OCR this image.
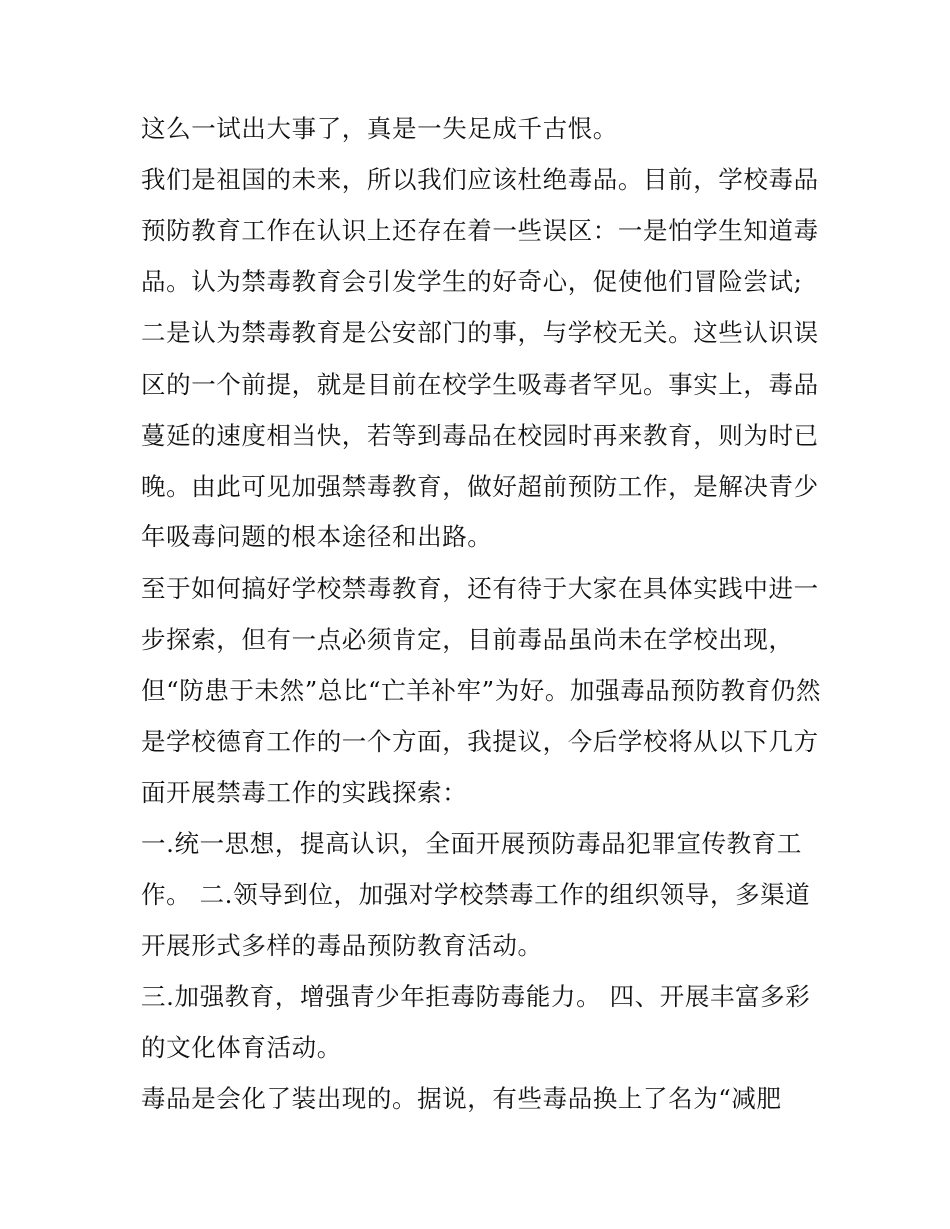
这么一试出大事了，真是一失足成千古恨。
我们是祖国的未来，所以我们应该杜绝毒品。目前，学校毒品
预防教育工作在认识上还存在着一些误区：一是怕学生知道毒
品。认为禁毒教育会引发学生的好奇心，促使他们冒险尝试;
二是认为禁毒教育是公安部门的事，与学校无关。这些认识误
区的一个前提，就是目前在校学生吸毒者罕见。事实上，毒品
蔓延的速度相当快，若等到毒品在校园时再来教育，则为时已
晚。由此可见加强禁毒教育，做好超前预防工作，是解决青少
年吸毒问题的根本途径和出路。
至于如何搞好学校禁毒教育，还有待于大家在具体实践中进一
步探索，但有一点必须肯定，目前毒品虽尚未在学校出现，
但“防患于未然”总比“亡羊补牢”为好。加强毒品预防教育仍然
是学校德育工作的一个方面，我提议，今后学校将从以下几方
面开展禁毒工作的实践探索：
一.统一思想，提高认识，全面开展预防毒品犯罪宣传教育工
作。 二.领导到位，加强对学校禁毒工作的组织领导，多渠道
开展形式多样的毒品预防教育活动。
三.加强教育，增强青少年拒毒防毒能力。 四、开展丰富多彩
的文化体育活动。
毒品是会化了装出现的。据说，有些毒品换上了名为“减肥
